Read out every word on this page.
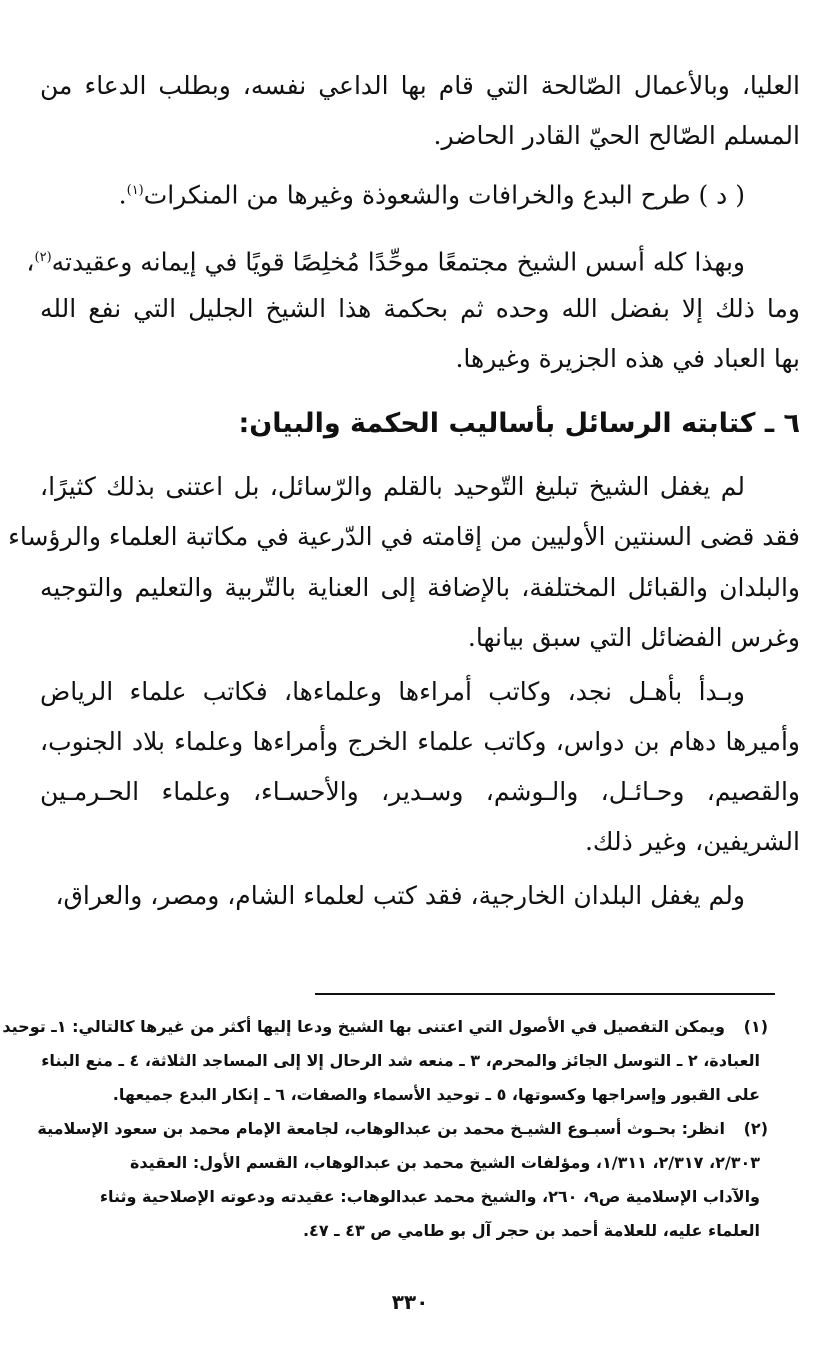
العليا، وبالأعمال الصّالحة التي قام بها الداعي نفسه، وبطلب الدعاء من
المسلم الصّالح الحيّ القادر الحاضر.
( د ) طرح البدع والخرافات والشعوذة وغيرها من المنكرات$^{(١)}$.
وبهذا كله أسس الشيخ مجتمعًا موحِّدًا مُخلِصًا قويًا في إيمانه وعقيدته$^{(٢)}$،
وما ذلك إلا بفضل الله وحده ثم بحكمة هذا الشيخ الجليل التي نفع الله
بها العباد في هذه الجزيرة وغيرها.
٦ ـ كتابته الرسائل بأساليب الحكمة والبيان:
لم يغفل الشيخ تبليغ التّوحيد بالقلم والرّسائل، بل اعتنى بذلك كثيرًا،
فقد قضى السنتين الأوليين من إقامته في الدّرعية في مكاتبة العلماء والرؤساء
والبلدان والقبائل المختلفة، بالإضافة إلى العناية بالتّربية والتعليم والتوجيه
وغرس الفضائل التي سبق بيانها.
وبـدأ بأهـل نجد، وكاتب أمراءها وعلماءها، فكاتب علماء الرياض
وأميرها دهام بن دواس، وكاتب علماء الخرج وأمراءها وعلماء بلاد الجنوب،
والقصيم، وحـائـل، والـوشم، وسـدير، والأحسـاء، وعلماء الحـرمـين
الشريفين، وغير ذلك.
ولم يغفل البلدان الخارجية، فقد كتب لعلماء الشام، ومصر، والعراق،
(١)
ويمكن التفصيل في الأصول التي اعتنى بها الشيخ ودعا إليها أكثر من غيرها كالتالي: ١ـ توحيد
العبادة، ٢ ـ التوسل الجائز والمحرم، ٣ ـ منعه شد الرحال إلا إلى المساجد الثلاثة، ٤ ـ منع البناء
على القبور وإسراجها وكسوتها، ٥ ـ توحيد الأسماء والصفات، ٦ ـ إنكار البدع جميعها.
(٢)
انظر: بحـوث أسبـوع الشيـخ محمد بن عبدالوهاب، لجامعة الإمام محمد بن سعود الإسلامية
٢/٣٠٣، ٢/٣١٧، ١/٣١١، ومؤلفات الشيخ محمد بن عبدالوهاب، القسم الأول: العقيدة
والآداب الإسلامية ص٩، ٢٦٠، والشيخ محمد عبدالوهاب: عقيدته ودعوته الإصلاحية وثناء
العلماء عليه، للعلامة أحمد بن حجر آل بو طامي ص ٤٣ ـ ٤٧.
٣٣٠
